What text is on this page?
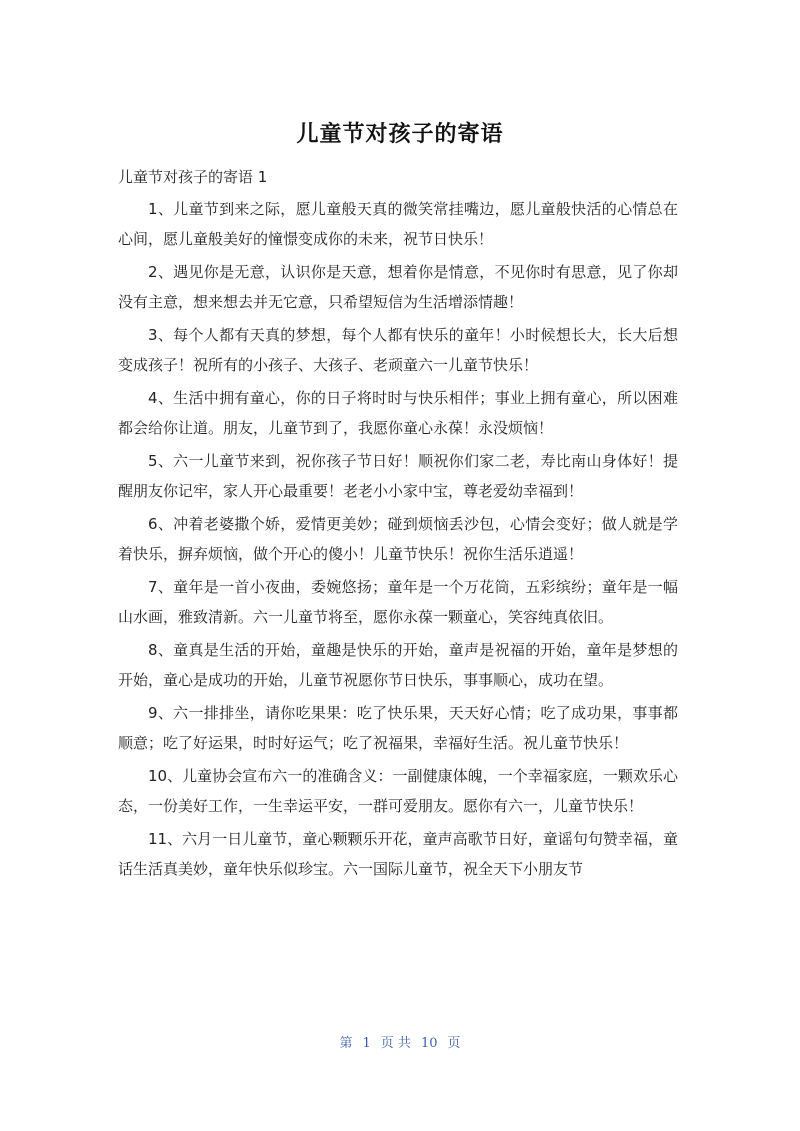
儿童节对孩子的寄语
儿童节对孩子的寄语 1

1、儿童节到来之际，愿儿童般天真的微笑常挂嘴边，愿儿童般快活的心情总在心间，愿儿童般美好的憧憬变成你的未来，祝节日快乐！

2、遇见你是无意，认识你是天意，想着你是情意，不见你时有思意，见了你却没有主意，想来想去并无它意，只希望短信为生活增添情趣！

3、每个人都有天真的梦想，每个人都有快乐的童年！小时候想长大，长大后想变成孩子！祝所有的小孩子、大孩子、老顽童六一儿童节快乐！

4、生活中拥有童心，你的日子将时时与快乐相伴；事业上拥有童心，所以困难都会给你让道。朋友，儿童节到了，我愿你童心永葆！永没烦恼！

5、六一儿童节来到，祝你孩子节日好！顺祝你们家二老，寿比南山身体好！提醒朋友你记牢，家人开心最重要！老老小小家中宝，尊老爱幼幸福到！

6、冲着老婆撒个娇，爱情更美妙；碰到烦恼丢沙包，心情会变好；做人就是学着快乐，摒弃烦恼，做个开心的傻小！儿童节快乐！祝你生活乐逍遥！

7、童年是一首小夜曲，委婉悠扬；童年是一个万花筒，五彩缤纷；童年是一幅山水画，雅致清新。六一儿童节将至，愿你永葆一颗童心，笑容纯真依旧。

8、童真是生活的开始，童趣是快乐的开始，童声是祝福的开始，童年是梦想的开始，童心是成功的开始，儿童节祝愿你节日快乐，事事顺心，成功在望。

9、六一排排坐，请你吃果果：吃了快乐果，天天好心情；吃了成功果，事事都顺意；吃了好运果，时时好运气；吃了祝福果，幸福好生活。祝儿童节快乐！

10、儿童协会宣布六一的准确含义：一副健康体魄，一个幸福家庭，一颗欢乐心态，一份美好工作，一生幸运平安，一群可爱朋友。愿你有六一，儿童节快乐！

11、六月一日儿童节，童心颗颗乐开花，童声高歌节日好，童谣句句赞幸福，童话生活真美妙，童年快乐似珍宝。六一国际儿童节，祝全天下小朋友节

第 1 页 共 10 页
